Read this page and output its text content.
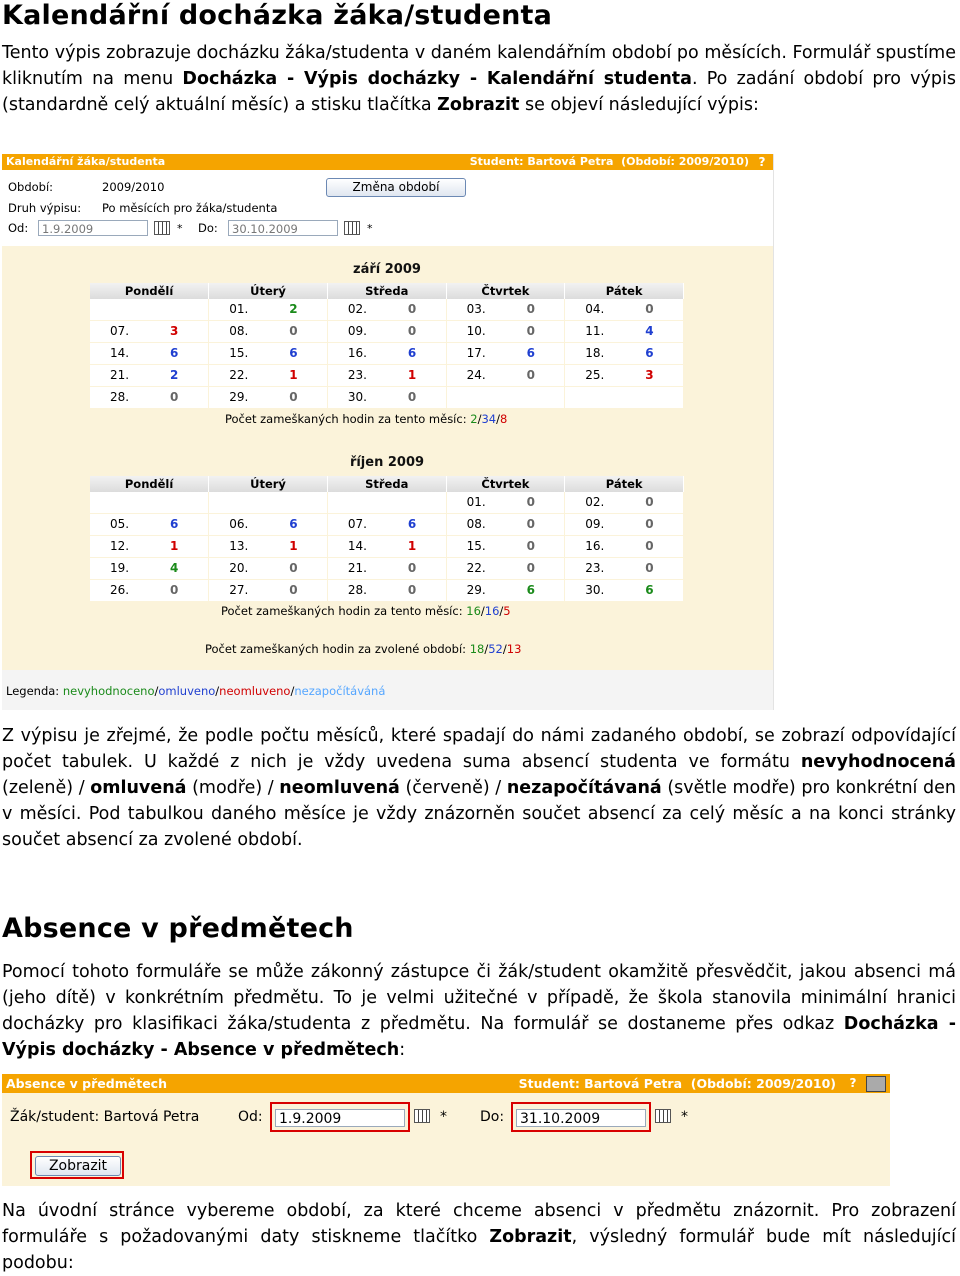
Kalendářní docházka žáka/studenta

Tento výpis zobrazuje docházku žáka/studenta v daném kalendářním období po měsících. Formulář spustíme kliknutím na menu Docházka - Výpis docházky - Kalendářní studenta. Po zadání období pro výpis (standardně celý aktuální měsíc) a stisku tlačítka Zobrazit se objeví následující výpis:

Kalendářní žáka/studenta	Student: Bartová Petra (Období: 2009/2010) ?
Období:	2009/2010
Druh výpisu: Po měsících pro žáka/studenta
Od:	1.9.2009	* Do:	30.10.2009	*
Změna období
září 2009
Pondělí	Úterý	Středa	Čtvrtek	Pátek

	01. 2	02. 0	03. 0	04. 0

07. 3	08. 0	09. 0	10. 0	11. 4

14. 6	15. 6	16. 6	17. 6	18. 6

21. 2	22. 1	23. 1	24. 0	25. 3

28. 0	29. 0	30. 0		

Počet zameškaných hodin za tento měsíc: 2/34/8
říjen 2009
Pondělí	Úterý	Středa	Čtvrtek	Pátek

			01. 0	02. 0

05. 6	06. 6	07. 6	08. 0	09. 0

12. 1	13. 1	14. 1	15. 0	16. 0

19. 4	20. 0	21. 0	22. 0	23. 0

26. 0	27. 0	28. 0	29. 6	30. 6
Počet zameškaných hodin za tento měsíc: 16/16/5
Počet zameškaných hodin za zvolené období: 18/52/13
Legenda: nevyhodnoceno/omluveno/neomluveno/nezapočítáváná

Z výpisu je zřejmé, že podle počtu měsíců, které spadají do námi zadaného období, se zobrazí odpovídající počet tabulek. U každé z nich je vždy uvedena suma absencí studenta ve formátu nevyhodnocená (zeleně) / omluvená (modře) / neomluvená (červeně) / nezapočítávaná (světle modře) pro konkrétní den v měsíci. Pod tabulkou daného měsíce je vždy znázorněn součet absencí za celý měsíc a na konci stránky součet absencí za zvolené období.

Absence v předmětech

Pomocí tohoto formuláře se může zákonný zástupce či žák/student okamžitě přesvědčit, jakou absenci má (jeho dítě) v konkrétním předmětu. To je velmi užitečné v případě, že škola stanovila minimální hranici docházky pro klasifikaci žáka/studenta z předmětu. Na formulář se dostaneme přes odkaz Docházka - Výpis docházky - Absence v předmětech:

Absence v předmětech	Student: Bartová Petra (Období: 2009/2010) ?
Žák/student: Bartová Petra	Od: 1.9.2009	* Do: 31.10.2009	*
Zobrazit

Na úvodní stránce vybereme období, za které chceme absenci v předmětu znázornit. Pro zobrazení formuláře s požadovanými daty stiskneme tlačítko Zobrazit, výsledný formulář bude mít následující podobu:
